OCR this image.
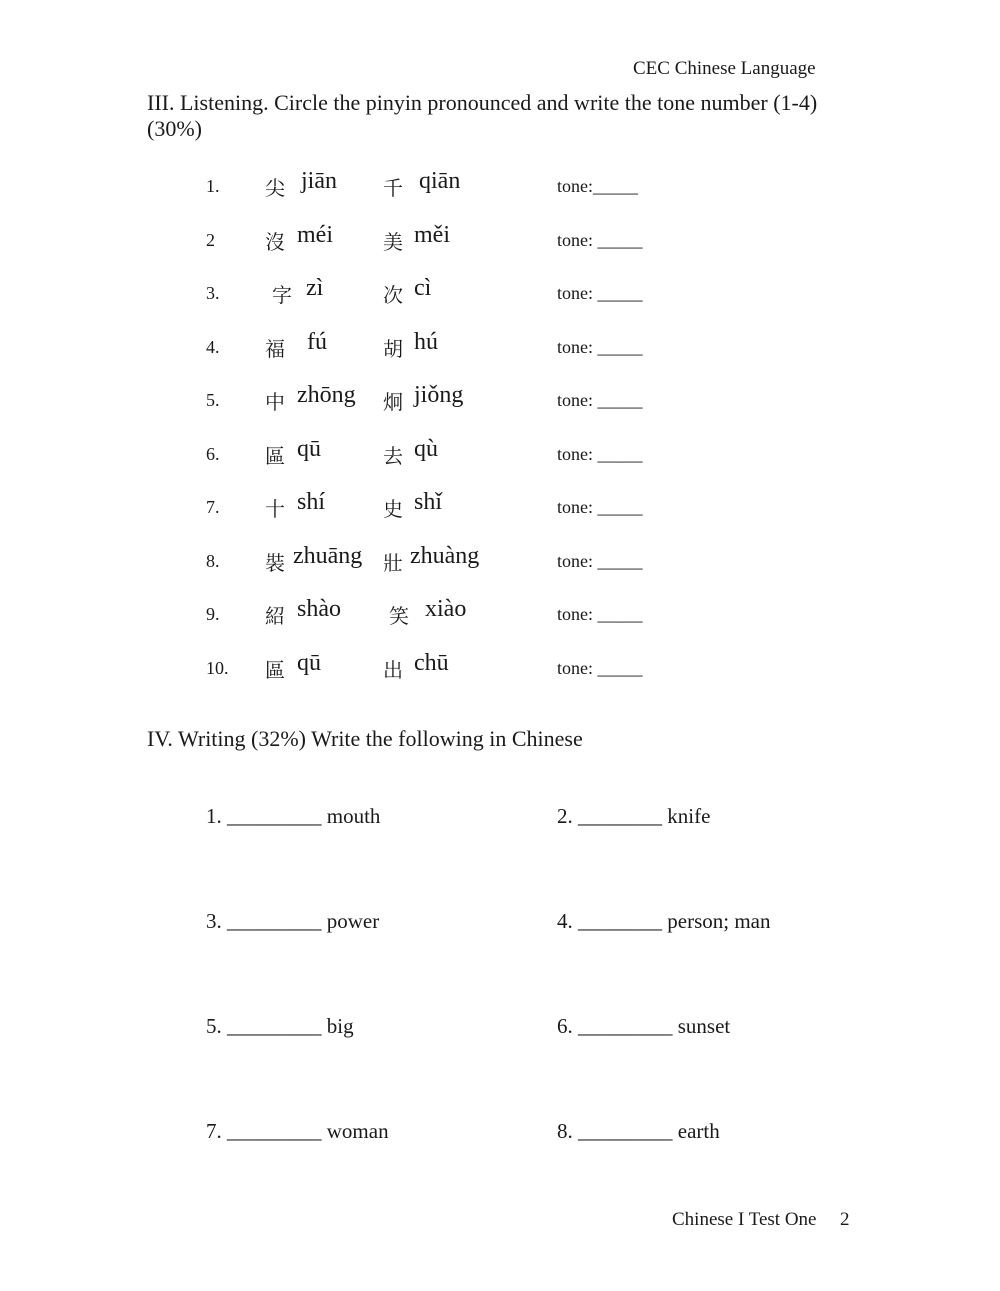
CEC Chinese Language
III. Listening. Circle the pinyin pronounced and write the tone number (1-4)
(30%)
1. 尖 jiān 千 qiān	tone:_____
2	沒 méi	美 měi	tone: _____
3.	字 zì	次 cì	tone: _____
4. 福 fú	胡 hú	tone: _____
5. 中 zhōng 炯 jiǒng	tone: _____
6. 區 qū	去 qù	tone: _____
7. 十 shí	史 shǐ	tone: _____
8. 裝 zhuāng 壯 zhuàng	tone: _____
9. 紹 shào 笑 xiào	tone: _____
10. 區 qū	出 chū	tone: _____
IV. Writing (32%) Write the following in Chinese
1. _________ mouth	2. ________ knife
3. _________ power	4. ________ person; man
5. _________ big	6. _________ sunset
7. _________ woman	8. _________ earth
Chinese I Test One 2
